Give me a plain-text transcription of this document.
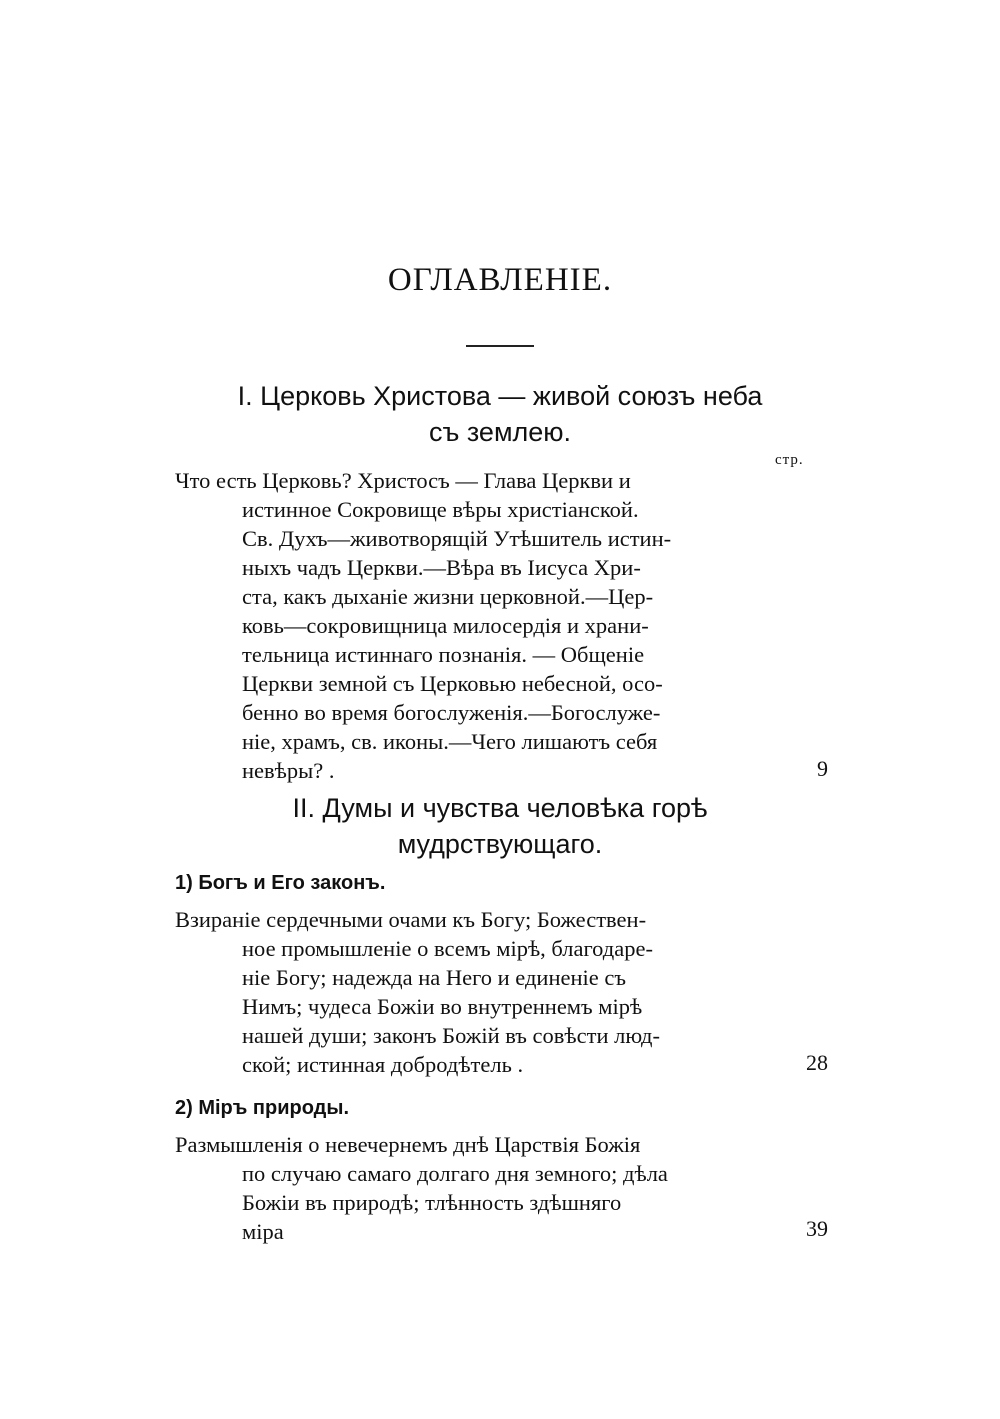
ОГЛАВЛЕНІЕ.
I. Церковь Христова — живой союзъ неба
съ землею.
стр.
Что есть Церковь? Христосъ — Глава Церкви и
истинное Сокровище вѣры христіанской.
Св. Духъ—животворящій Утѣшитель истин-
ныхъ чадъ Церкви.—Вѣра въ Іисуса Хри-
ста, какъ дыханіе жизни церковной.—Цер-
ковь—сокровищница милосердія и храни-
тельница истиннаго познанія. — Общеніе
Церкви земной съ Церковью небесной, осо-
бенно во время богослуженія.—Богослуже-
ніе, храмъ, св. иконы.—Чего лишаютъ себя
невѣры? .	9
II. Думы и чувства человѣка горѣ
мудрствующаго.
1) Богъ и Его законъ.
Взираніе сердечными очами къ Богу; Божествен-
ное промышленіе о всемъ мірѣ, благодаре-
ніе Богу; надежда на Него и единеніе съ
Нимъ; чудеса Божіи во внутреннемъ мірѣ
нашей души; законъ Божій въ совѣсти люд-
ской; истинная добродѣтель .	28
2) Міръ природы.
Размышленія о невечернемъ днѣ Царствія Божія
по случаю самаго долгаго дня земного; дѣла
Божіи въ природѣ; тлѣнность здѣшняго
міра	39
